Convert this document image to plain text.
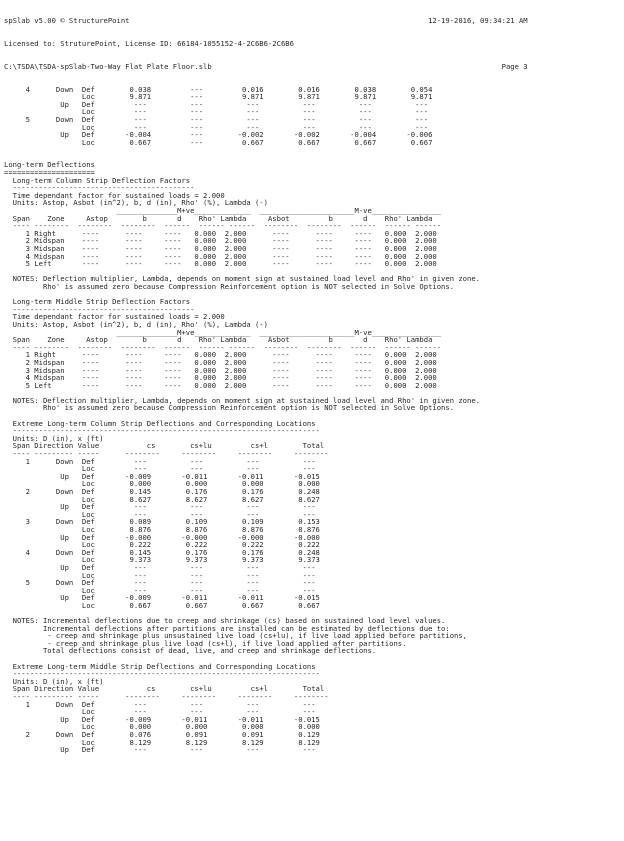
spSlab v5.00 © StructurePoint                                                                     12-19-2016, 09:34:21 AM

Licensed to: StruturePoint, License ID: 66184-1055152-4-2C6B6-2C6B6

C:\TSDA\TSDA-spSlab-Two-Way Flat Plate Floor.slb                                                                   Page 3

4      Down  Def        0.038         ---         0.016        0.016        0.038        0.054
Loc        9.871         ---         9.871        9.871        9.871        9.871
Up   Def         ---          ---          ---          ---          ---          ---
Loc         ---          ---          ---          ---          ---          ---
5      Down  Def         ---          ---          ---          ---          ---          ---
Loc         ---          ---          ---          ---          ---          ---
Up   Def       -0.004         ---        -0.002       -0.002       -0.004       -0.006
Loc        0.667         ---         0.667        0.667        0.667        0.667
Long-term Deflections
=====================
Long-term Column Strip Deflection Factors
------------------------------------------
Time dependant factor for sustained loads = 2.000
Units: Astop, Asbot (in^2), b, d (in), Rho' (%), Lambda (-)
______________M+ve_____________  ______________________M-ve________________
Span    Zone     Astop        b       d    Rho' Lambda     Asbot         b       d    Rho' Lambda
---- --------  --------  --------  ------  ------ ------  --------  --------  ------  ------ ------
1 Right      ----      ----     ----   0.000  2.000      ----      ----     ----   0.000  2.000
2 Midspan    ----      ----     ----   0.000  2.000      ----      ----     ----   0.000  2.000
3 Midspan    ----      ----     ----   0.000  2.000      ----      ----     ----   0.000  2.000
4 Midspan    ----      ----     ----   0.000  2.000      ----      ----     ----   0.000  2.000
5 Left       ----      ----     ----   0.000  2.000      ----      ----     ----   0.000  2.000
NOTES: Deflection multiplier, Lambda, depends on moment sign at sustained load level and Rho' in given zone.
Rho' is assumed zero because Compression Reinforcement option is NOT selected in Solve Options.
Long-term Middle Strip Deflection Factors
------------------------------------------
Time dependant factor for sustained loads = 2.000
Units: Astop, Asbot (in^2), b, d (in), Rho' (%), Lambda (-)
______________M+ve_____________  ______________________M-ve________________
Span    Zone     Astop        b       d    Rho' Lambda     Asbot         b       d    Rho' Lambda
---- --------  --------  --------  ------  ------ ------  --------  --------  ------  ------ ------
1 Right      ----      ----     ----   0.000  2.000      ----      ----     ----   0.000  2.000
2 Midspan    ----      ----     ----   0.000  2.000      ----      ----     ----   0.000  2.000
3 Midspan    ----      ----     ----   0.000  2.000      ----      ----     ----   0.000  2.000
4 Midspan    ----      ----     ----   0.000  2.000      ----      ----     ----   0.000  2.000
5 Left       ----      ----     ----   0.000  2.000      ----      ----     ----   0.000  2.000
NOTES: Deflection multiplier, Lambda, depends on moment sign at sustained load level and Rho' in given zone.
Rho' is assumed zero because Compression Reinforcement option is NOT selected in Solve Options.
Extreme Long-term Column Strip Deflections and Corresponding Locations
-----------------------------------------------------------------------
Units: D (in), x (ft)
Span Direction Value           cs        cs+lu         cs+l        Total
---- --------- -----      --------     --------     --------     --------
1      Down  Def         ---          ---          ---          ---
Loc         ---          ---          ---          ---
Up   Def       -0.009       -0.011       -0.011       -0.015
Loc        0.000        0.000        0.000        0.000
2      Down  Def        0.145        0.176        0.176        0.248
Loc        8.627        8.627        8.627        8.627
Up   Def         ---          ---          ---          ---
Loc         ---          ---          ---          ---
3      Down  Def        0.089        0.109        0.109        0.153
Loc        8.876        8.876        8.876        8.876
Up   Def       -0.000       -0.000       -0.000       -0.000
Loc        0.222        0.222        0.222        0.222
4      Down  Def        0.145        0.176        0.176        0.248
Loc        9.373        9.373        9.373        9.373
Up   Def         ---          ---          ---          ---
Loc         ---          ---          ---          ---
5      Down  Def         ---          ---          ---          ---
Loc         ---          ---          ---          ---
Up   Def       -0.009       -0.011       -0.011       -0.015
Loc        0.667        0.667        0.667        0.667
NOTES: Incremental deflections due to creep and shrinkage (cs) based on sustained load level values.
Incremental deflections after partitions are installed can be estimated by deflections due to:
- creep and shrinkage plus unsustained live load (cs+lu), if live load applied before partitions,
- creep and shrinkage plus live load (cs+l), if live load applied after partitions.
Total deflections consist of dead, live, and creep and shrinkage deflections.
Extreme Long-term Middle Strip Deflections and Corresponding Locations
-----------------------------------------------------------------------
Units: D (in), x (ft)
Span Direction Value           cs        cs+lu         cs+l        Total
---- --------- -----      --------     --------     --------     --------
1      Down  Def         ---          ---          ---          ---
Loc         ---          ---          ---          ---
Up   Def       -0.009       -0.011       -0.011       -0.015
Loc        0.000        0.000        0.000        0.000
2      Down  Def        0.076        0.091        0.091        0.129
Loc        8.129        8.129        8.129        8.129
Up   Def         ---          ---          ---          ---
